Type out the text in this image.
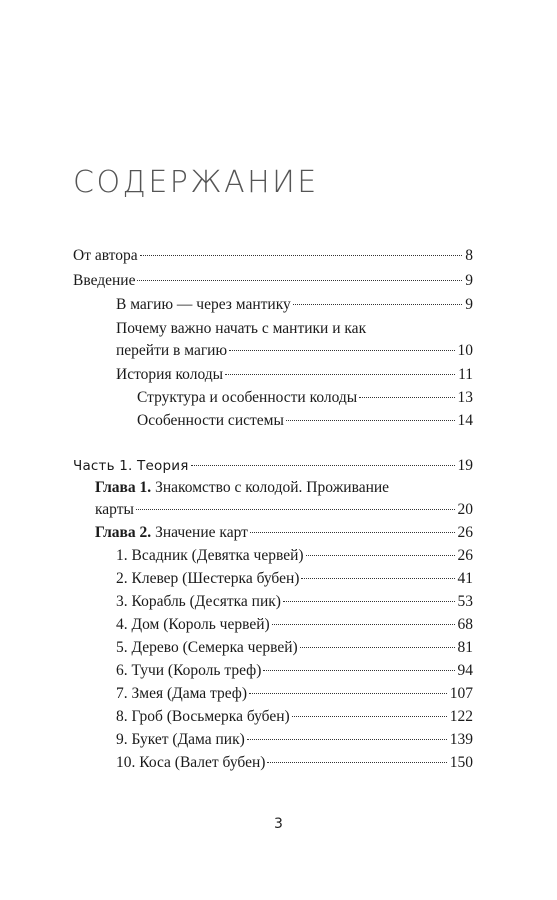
СОДЕРЖАНИЕ
От автора	8
Введение	9
В магию — через мантику	9
Почему важно начать с мантики и как
перейти в магию	10
История колоды	11
Структура и особенности колоды	13
Особенности системы	14
Часть 1. Теория	19
Глава 1. Знакомство с колодой. Проживание
карты	20
Глава 2. Значение карт	26
1. Всадник (Девятка червей)	26
2. Клевер (Шестерка бубен)	41
3. Корабль (Десятка пик)	53
4. Дом (Король червей)	68
5. Дерево (Семерка червей)	81
6. Тучи (Король треф)	94
7. Змея (Дама треф)	107
8. Гроб (Восьмерка бубен)	122
9. Букет (Дама пик)	139
10. Коса (Валет бубен)	150
3
